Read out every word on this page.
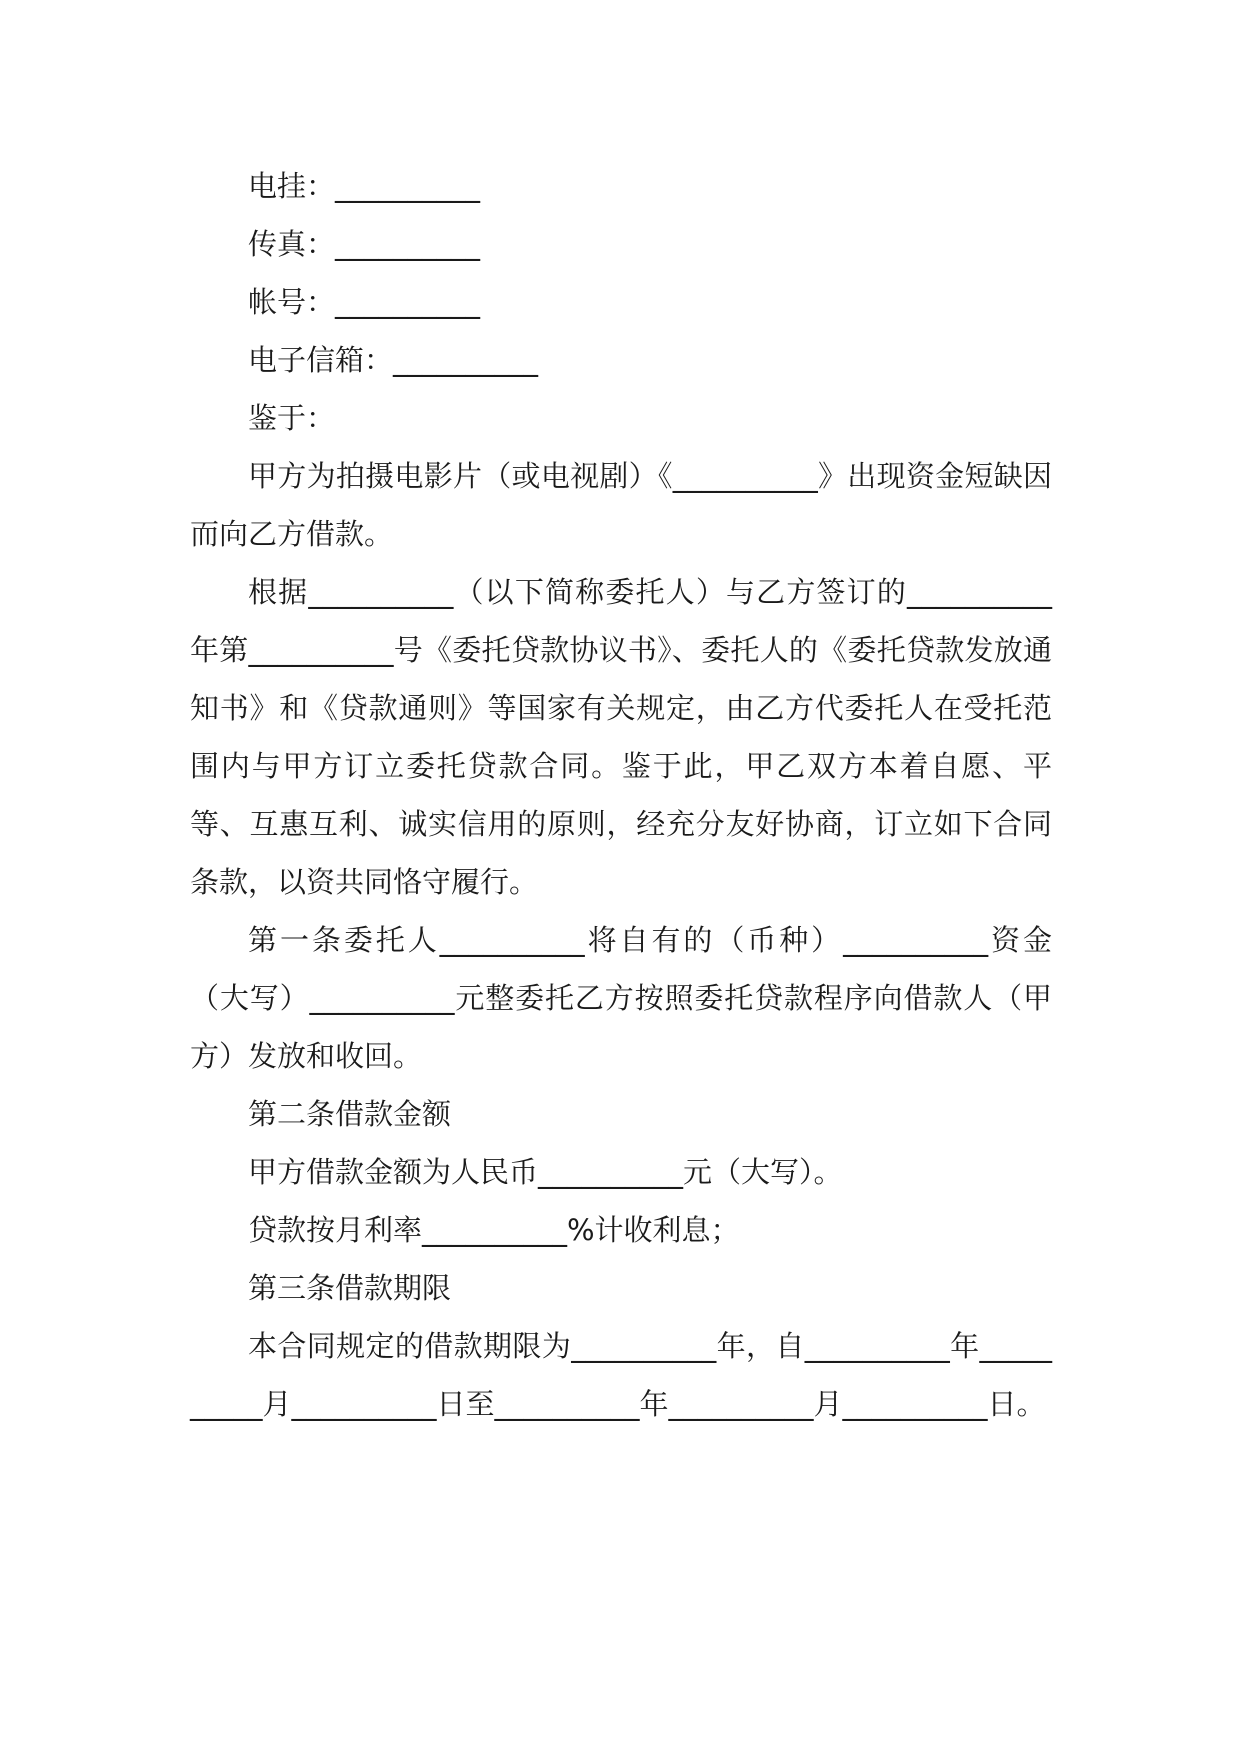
电挂：__________

传真：__________

帐号：__________

电子信箱：__________

鉴于：

甲方为拍摄电影片（或电视剧）《__________》出现资金短缺因而向乙方借款。

根据__________（以下简称委托人）与乙方签订的__________年第__________号《委托贷款协议书》、委托人的《委托贷款发放通知书》和《贷款通则》等国家有关规定，由乙方代委托人在受托范围内与甲方订立委托贷款合同。鉴于此，甲乙双方本着自愿、平等、互惠互利、诚实信用的原则，经充分友好协商，订立如下合同条款，以资共同恪守履行。

第一条委托人__________将自有的（币种）__________资金（大写）__________元整委托乙方按照委托贷款程序向借款人（甲方）发放和收回。

第二条借款金额

甲方借款金额为人民币__________元（大写）。

贷款按月利率__________%计收利息；

第三条借款期限

本合同规定的借款期限为__________年，自__________年__________月__________日至__________年__________月__________日。
